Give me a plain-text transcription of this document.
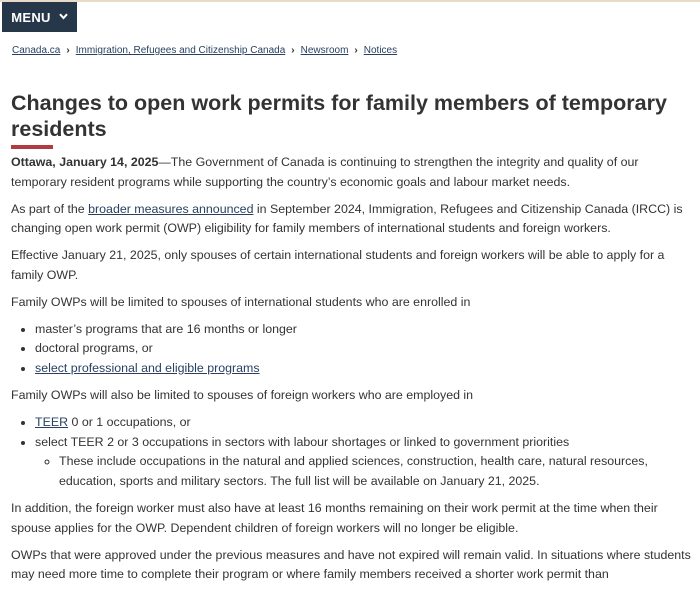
MENU
Canada.ca › Immigration, Refugees and Citizenship Canada › Newsroom › Notices
Changes to open work permits for family members of temporary residents

Ottawa, January 14, 2025—The Government of Canada is continuing to strengthen the integrity and quality of our temporary resident programs while supporting the country’s economic goals and labour market needs.

As part of the broader measures announced in September 2024, Immigration, Refugees and Citizenship Canada (IRCC) is changing open work permit (OWP) eligibility for family members of international students and foreign workers.

Effective January 21, 2025, only spouses of certain international students and foreign workers will be able to apply for a family OWP.

Family OWPs will be limited to spouses of international students who are enrolled in

• master’s programs that are 16 months or longer
• doctoral programs, or
• select professional and eligible programs

Family OWPs will also be limited to spouses of foreign workers who are employed in

• TEER 0 or 1 occupations, or
• select TEER 2 or 3 occupations in sectors with labour shortages or linked to government priorities
◦ These include occupations in the natural and applied sciences, construction, health care, natural resources, education, sports and military sectors. The full list will be available on January 21, 2025.

In addition, the foreign worker must also have at least 16 months remaining on their work permit at the time when their spouse applies for the OWP. Dependent children of foreign workers will no longer be eligible.

OWPs that were approved under the previous measures and have not expired will remain valid. In situations where students may need more time to complete their program or where family members received a shorter work permit than
